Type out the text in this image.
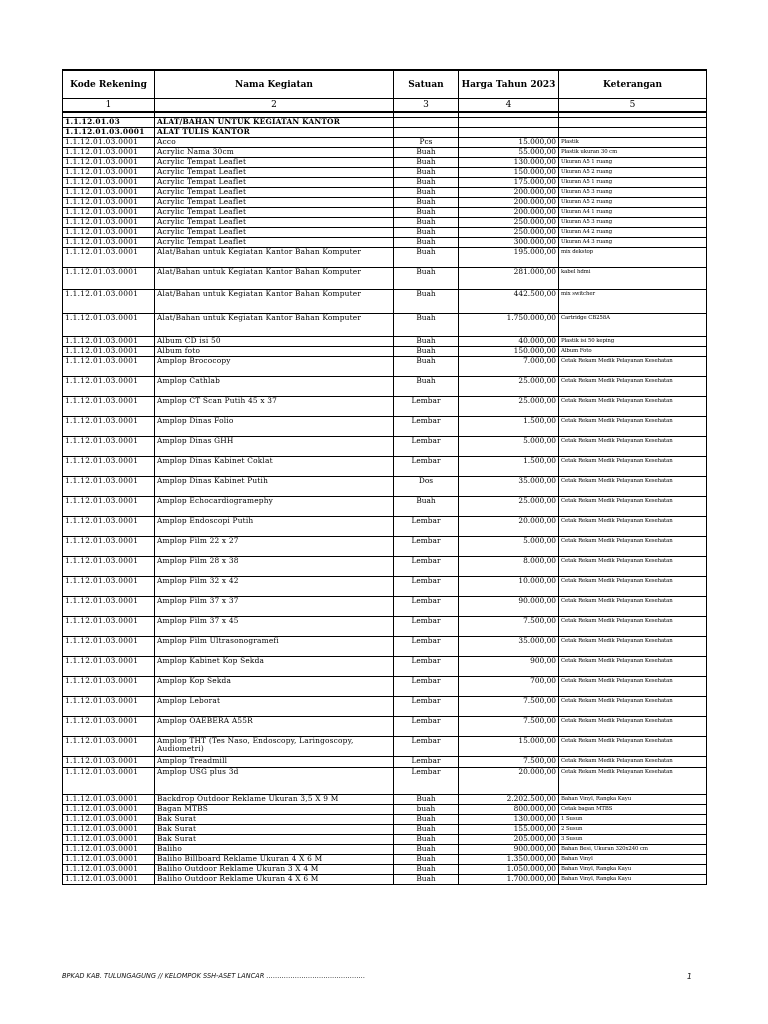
Kode Rekening	Nama Kegiatan	Satuan	Harga Tahun 2023	Keterangan
1	2	3	4	5

1.1.12.01.03	ALAT/BAHAN UNTUK KEGIATAN KANTOR			
1.1.12.01.03.0001	ALAT TULIS KANTOR			
1.1.12.01.03.0001	Acco	Pcs	15.000,00	Plastik
1.1.12.01.03.0001	Acrylic Nama 30cm	Buah	55.000,00	Plastik ukuran 30 cm
1.1.12.01.03.0001	Acrylic Tempat Leaflet	Buah	130.000,00	Ukuran A5 1 ruang
1.1.12.01.03.0001	Acrylic Tempat Leaflet	Buah	150.000,00	Ukuran A5 2 ruang
1.1.12.01.03.0001	Acrylic Tempat Leaflet	Buah	175.000,00	Ukuran A5 1 ruang
1.1.12.01.03.0001	Acrylic Tempat Leaflet	Buah	200.000,00	Ukuran A5 3 ruang
1.1.12.01.03.0001	Acrylic Tempat Leaflet	Buah	200.000,00	Ukuran A5 2 ruang
1.1.12.01.03.0001	Acrylic Tempat Leaflet	Buah	200.000,00	Ukuran A4 1 ruang
1.1.12.01.03.0001	Acrylic Tempat Leaflet	Buah	250.000,00	Ukuran A5 3 ruang
1.1.12.01.03.0001	Acrylic Tempat Leaflet	Buah	250.000,00	Ukuran A4 2 ruang
1.1.12.01.03.0001	Acrylic Tempat Leaflet	Buah	300.000,00	Ukuran A4 3 ruang
1.1.12.01.03.0001	Alat/Bahan untuk Kegiatan Kantor Bahan Komputer	Buah	195.000,00	mix dekstop
1.1.12.01.03.0001	Alat/Bahan untuk Kegiatan Kantor Bahan Komputer	Buah	281.000,00	kabel hdmi
1.1.12.01.03.0001	Alat/Bahan untuk Kegiatan Kantor Bahan Komputer	Buah	442.500,00	mix switcher
1.1.12.01.03.0001	Alat/Bahan untuk Kegiatan Kantor Bahan Komputer	Buah	1.750.000,00	Cartridge CB258A
1.1.12.01.03.0001	Album CD isi 50	Buah	40.000,00	Plastik isi 50 keping
1.1.12.01.03.0001	Album foto	Buah	150.000,00	Album Foto
1.1.12.01.03.0001	Amplop Brococopy	Buah	7.000,00	Cetak Rekam Medik Pelayanan Kesehatan
1.1.12.01.03.0001	Amplop Cathlab	Buah	25.000,00	Cetak Rekam Medik Pelayanan Kesehatan
1.1.12.01.03.0001	Amplop CT Scan Putih 45 x 37	Lembar	25.000,00	Cetak Rekam Medik Pelayanan Kesehatan
1.1.12.01.03.0001	Amplop Dinas Folio	Lembar	1.500,00	Cetak Rekam Medik Pelayanan Kesehatan
1.1.12.01.03.0001	Amplop Dinas GHH	Lembar	5.000,00	Cetak Rekam Medik Pelayanan Kesehatan
1.1.12.01.03.0001	Amplop Dinas Kabinet Coklat	Lembar	1.500,00	Cetak Rekam Medik Pelayanan Kesehatan
1.1.12.01.03.0001	Amplop Dinas Kabinet Putih	Dos	35.000,00	Cetak Rekam Medik Pelayanan Kesehatan
1.1.12.01.03.0001	Amplop Echocardiogramephy	Buah	25.000,00	Cetak Rekam Medik Pelayanan Kesehatan
1.1.12.01.03.0001	Amplop Endoscopi Putih	Lembar	20.000,00	Cetak Rekam Medik Pelayanan Kesehatan
1.1.12.01.03.0001	Amplop Film 22 x 27	Lembar	5.000,00	Cetak Rekam Medik Pelayanan Kesehatan
1.1.12.01.03.0001	Amplop Film 28 x 38	Lembar	8.000,00	Cetak Rekam Medik Pelayanan Kesehatan
1.1.12.01.03.0001	Amplop Film 32 x 42	Lembar	10.000,00	Cetak Rekam Medik Pelayanan Kesehatan
1.1.12.01.03.0001	Amplop Film 37 x 37	Lembar	90.000,00	Cetak Rekam Medik Pelayanan Kesehatan
1.1.12.01.03.0001	Amplop Film 37 x 45	Lembar	7.500,00	Cetak Rekam Medik Pelayanan Kesehatan
1.1.12.01.03.0001	Amplop Film Ultrasonogramefi	Lembar	35.000,00	Cetak Rekam Medik Pelayanan Kesehatan
1.1.12.01.03.0001	Amplop Kabinet Kop Sekda	Lembar	900,00	Cetak Rekam Medik Pelayanan Kesehatan
1.1.12.01.03.0001	Amplop Kop Sekda	Lembar	700,00	Cetak Rekam Medik Pelayanan Kesehatan
1.1.12.01.03.0001	Amplop Leborat	Lembar	7.500,00	Cetak Rekam Medik Pelayanan Kesehatan
1.1.12.01.03.0001	Amplop OAEBERA A55R	Lembar	7.500,00	Cetak Rekam Medik Pelayanan Kesehatan
1.1.12.01.03.0001	Amplop THT (Tes Naso, Endoscopy, Laringoscopy, Audiometri)	Lembar	15.000,00	Cetak Rekam Medik Pelayanan Kesehatan
1.1.12.01.03.0001	Amplop Treadmill	Lembar	7.500,00	Cetak Rekam Medik Pelayanan Kesehatan
1.1.12.01.03.0001	Amplop USG plus 3d	Lembar	20.000,00	Cetak Rekam Medik Pelayanan Kesehatan
1.1.12.01.03.0001	Backdrop Outdoor Reklame Ukuran 3,5 X 9 M	Buah	2.202.500,00	Bahan Vinyl, Rangka Kayu
1.1.12.01.03.0001	Bagan MTBS	buah	800.000,00	Cetak bagan MTBS
1.1.12.01.03.0001	Bak Surat	Buah	130.000,00	1 Susun
1.1.12.01.03.0001	Bak Surat	Buah	155.000,00	2 Susun
1.1.12.01.03.0001	Bak Surat	Buah	205.000,00	3 Susun
1.1.12.01.03.0001	Baliho	Buah	900.000,00	Bahan Besi, Ukuran 320x240 cm
1.1.12.01.03.0001	Baliho Billboard Reklame Ukuran 4 X 6 M	Buah	1.350.000,00	Bahan Vinyl
1.1.12.01.03.0001	Baliho Outdoor Reklame Ukuran 3 X 4 M	Buah	1.050.000,00	Bahan Vinyl, Rangka Kayu
1.1.12.01.03.0001	Baliho Outdoor Reklame Ukuran 4 X 6 M	Buah	1.700.000,00	Bahan Vinyl, Rangka Kayu
BPKAD KAB. TULUNGAGUNG // KELOMPOK SSH-ASET LANCAR ………………………………………	1
